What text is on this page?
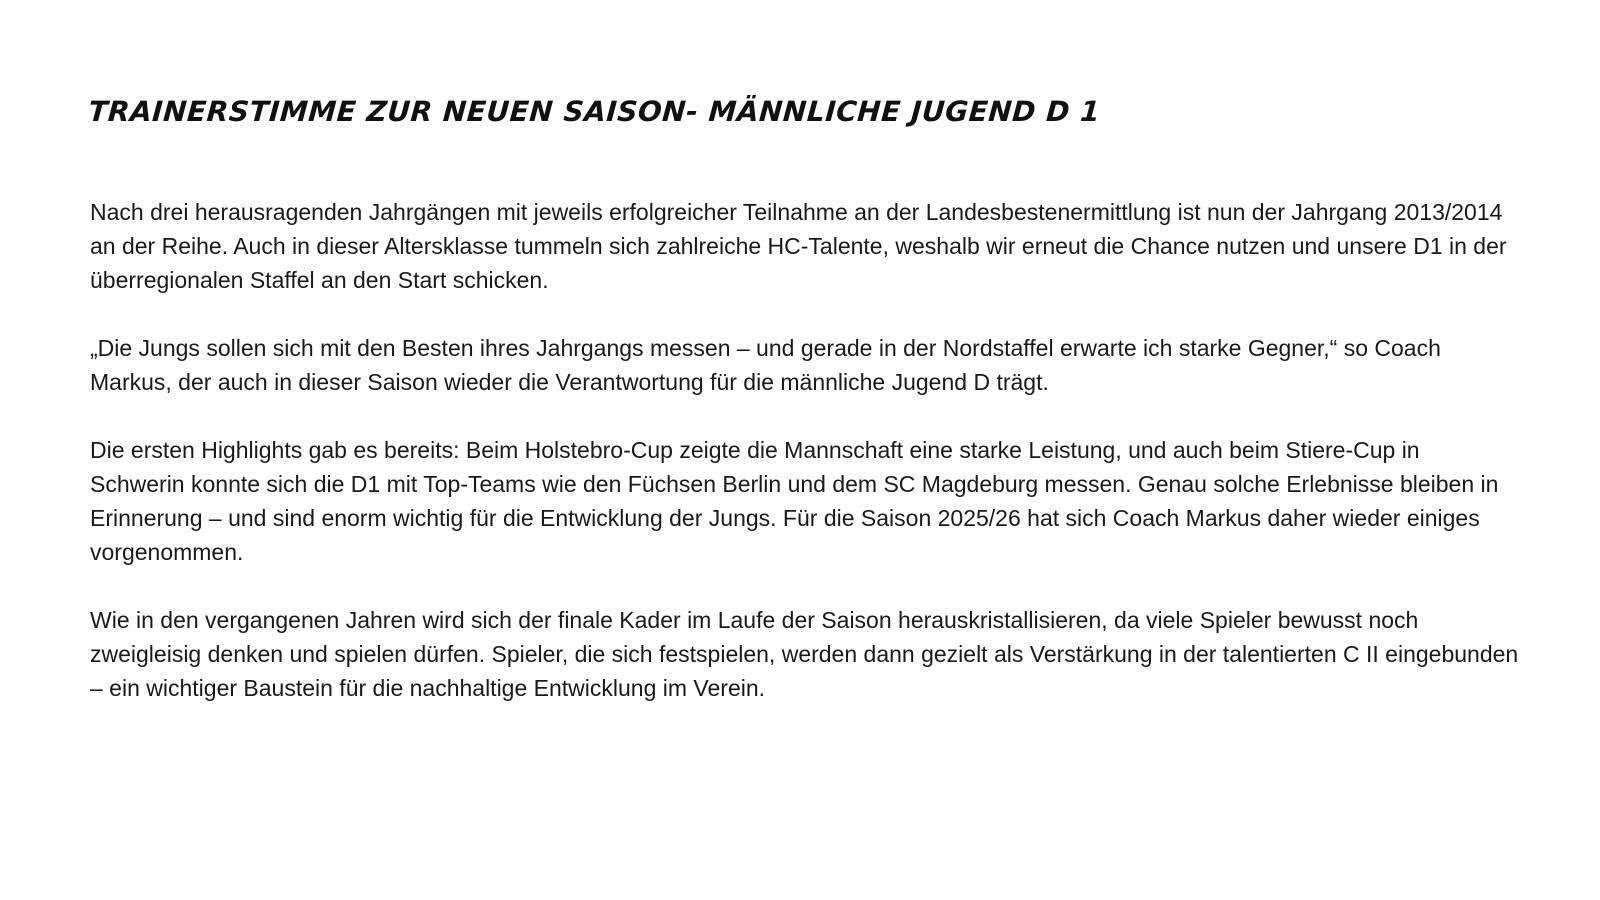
TRAINERSTIMME ZUR NEUEN SAISON- MÄNNLICHE JUGEND D 1

Nach drei herausragenden Jahrgängen mit jeweils erfolgreicher Teilnahme an der Landesbestenermittlung ist nun der Jahrgang 2013/2014 an der Reihe. Auch in dieser Altersklasse tummeln sich zahlreiche HC-Talente, weshalb wir erneut die Chance nutzen und unsere D1 in der überregionalen Staffel an den Start schicken.

„Die Jungs sollen sich mit den Besten ihres Jahrgangs messen – und gerade in der Nordstaffel erwarte ich starke Gegner,“ so Coach Markus, der auch in dieser Saison wieder die Verantwortung für die männliche Jugend D trägt.

Die ersten Highlights gab es bereits: Beim Holstebro-Cup zeigte die Mannschaft eine starke Leistung, und auch beim Stiere-Cup in Schwerin konnte sich die D1 mit Top-Teams wie den Füchsen Berlin und dem SC Magdeburg messen. Genau solche Erlebnisse bleiben in Erinnerung – und sind enorm wichtig für die Entwicklung der Jungs. Für die Saison 2025/26 hat sich Coach Markus daher wieder einiges vorgenommen.

Wie in den vergangenen Jahren wird sich der finale Kader im Laufe der Saison herauskristallisieren, da viele Spieler bewusst noch zweigleisig denken und spielen dürfen. Spieler, die sich festspielen, werden dann gezielt als Verstärkung in der talentierten C II eingebunden – ein wichtiger Baustein für die nachhaltige Entwicklung im Verein.
